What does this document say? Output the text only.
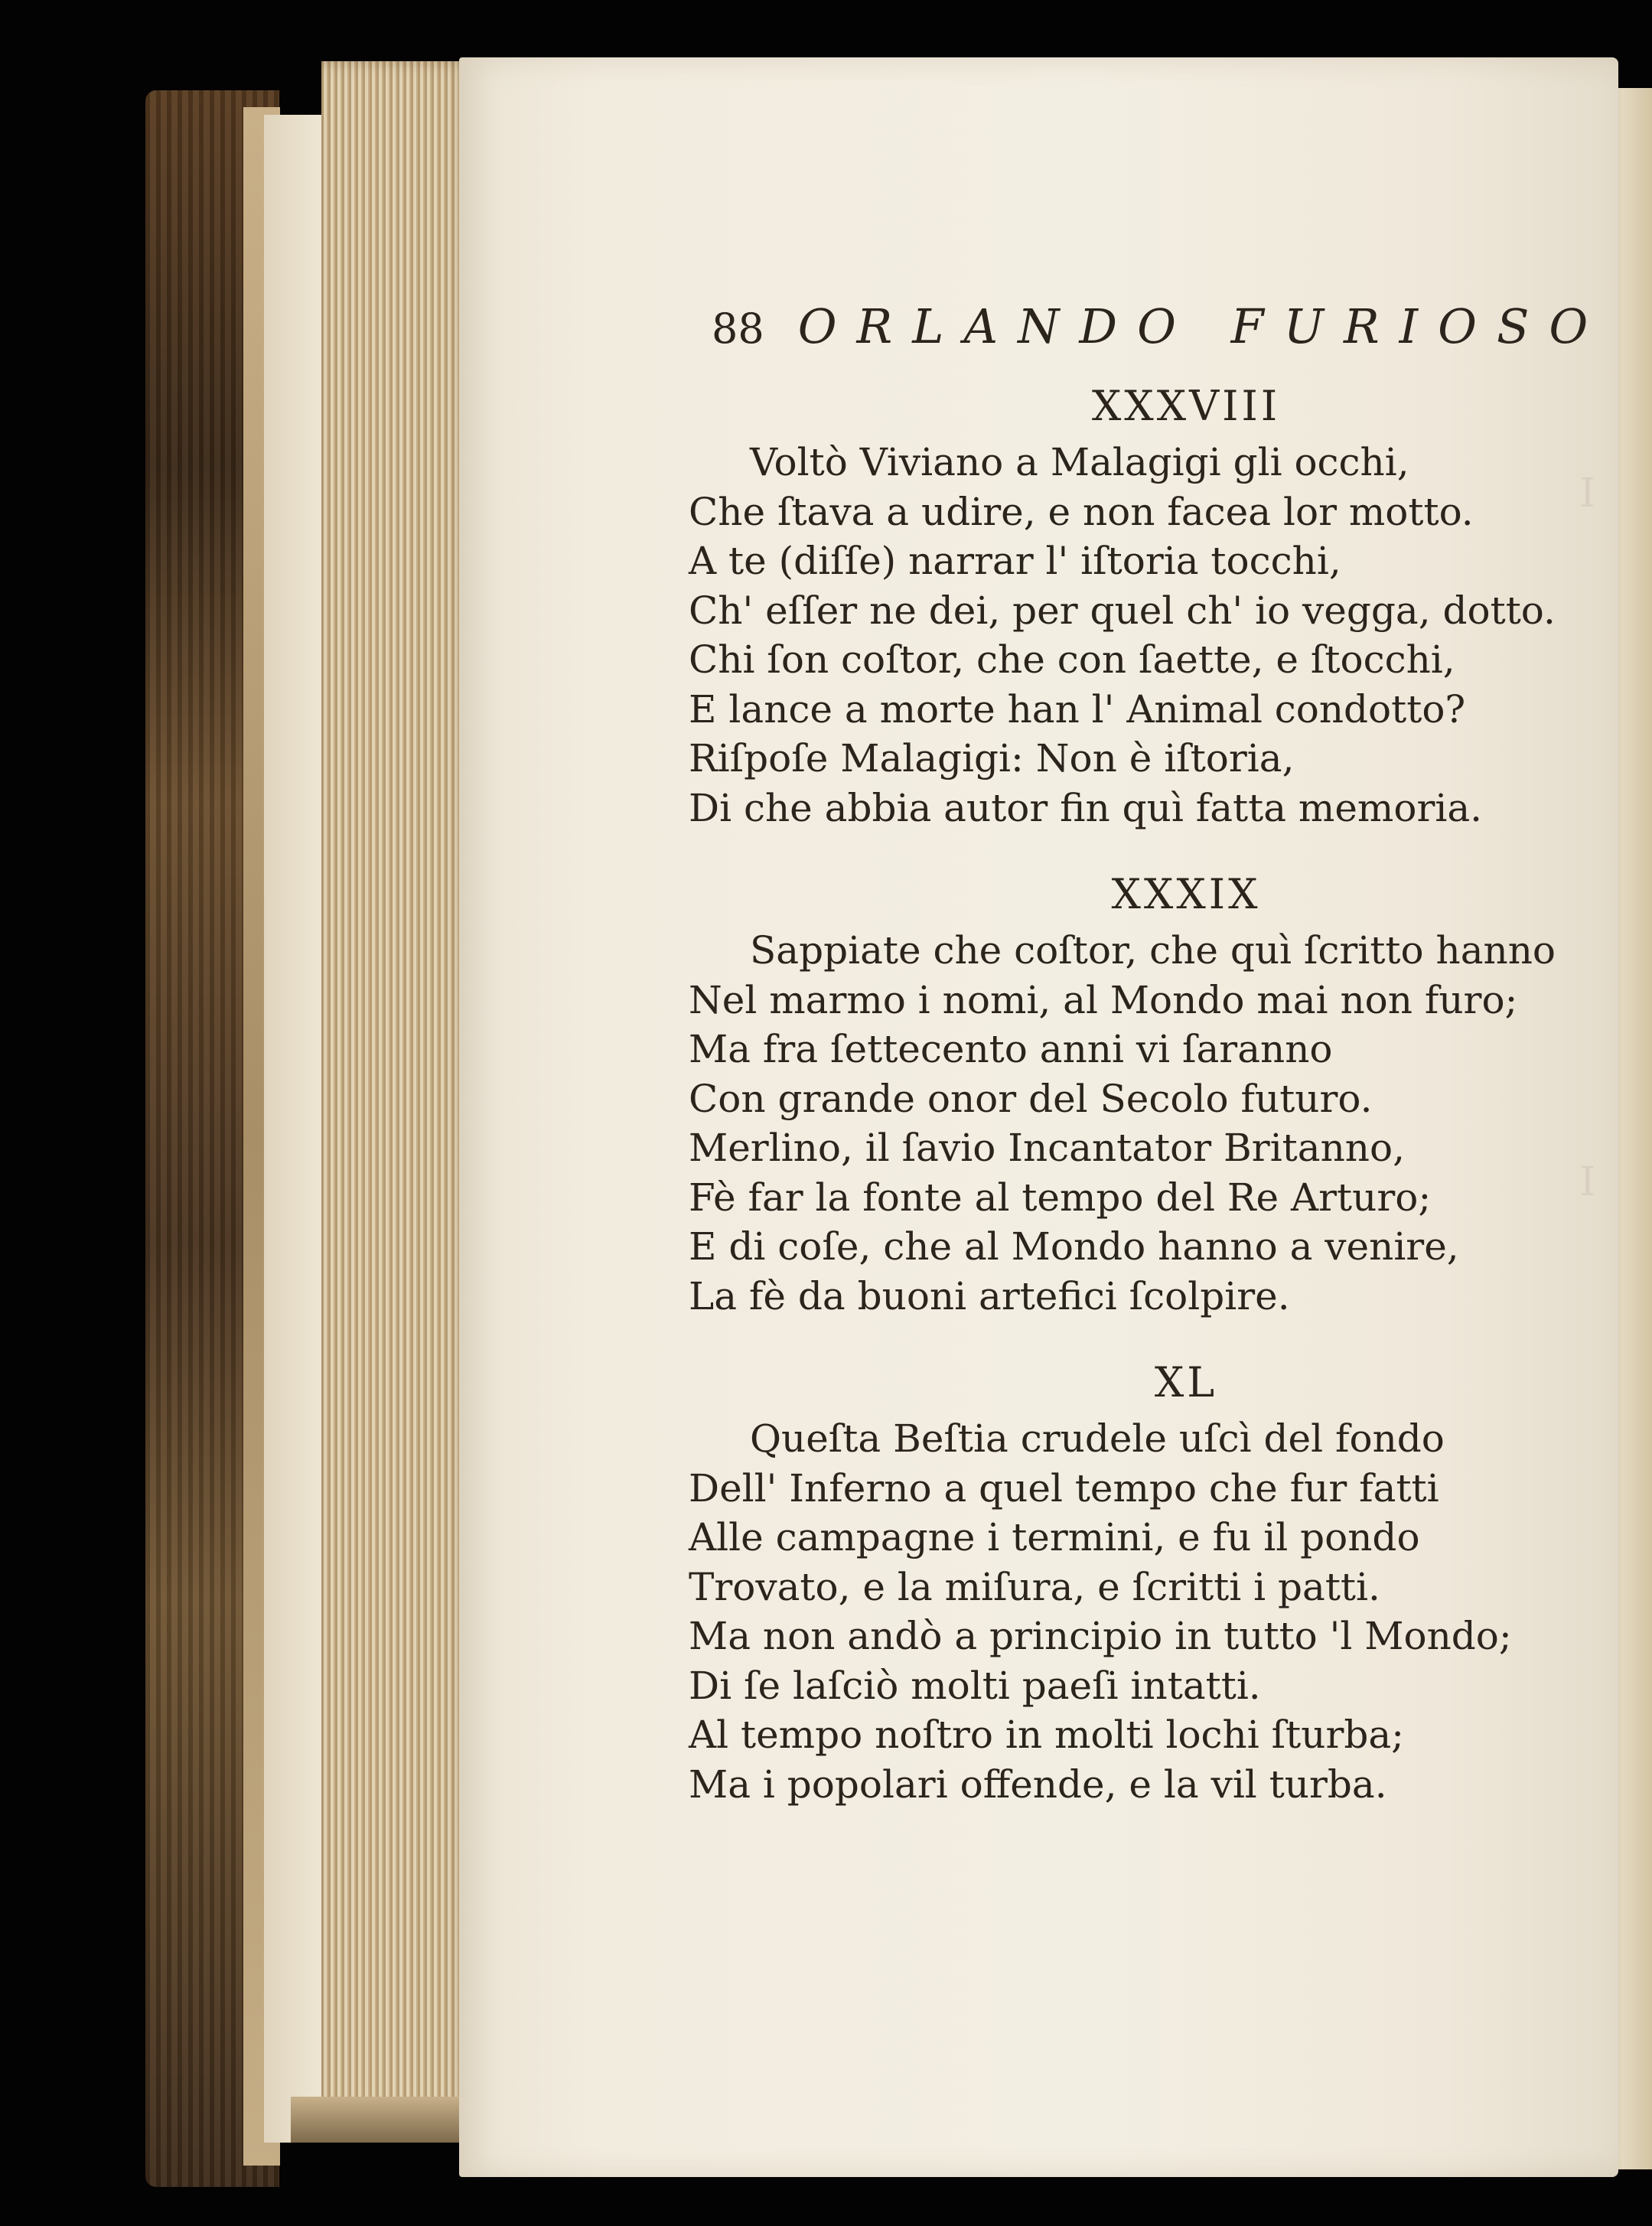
I
I
88 ORLANDO FURIOSO
XXXVIII
Voltò Viviano a Malagigi gli occhi,
Che ſtava a udire, e non facea lor motto.
A te (diſſe) narrar l' iſtoria tocchi,
Ch' eſſer ne dei, per quel ch' io vegga, dotto.
Chi ſon coſtor, che con ſaette, e ſtocchi,
E lance a morte han l' Animal condotto?
Riſpoſe Malagigi: Non è iſtoria,
Di che abbia autor fin quì fatta memoria.
XXXIX
Sappiate che coſtor, che quì ſcritto hanno
Nel marmo i nomi, al Mondo mai non furo;
Ma fra ſettecento anni vi ſaranno
Con grande onor del Secolo futuro.
Merlino, il ſavio Incantator Britanno,
Fè far la fonte al tempo del Re Arturo;
E di coſe, che al Mondo hanno a venire,
La fè da buoni artefici ſcolpire.
XL
Queſta Beſtia crudele uſcì del fondo
Dell' Inferno a quel tempo che fur fatti
Alle campagne i termini, e fu il pondo
Trovato, e la miſura, e ſcritti i patti.
Ma non andò a principio in tutto 'l Mondo;
Di ſe laſciò molti paeſi intatti.
Al tempo noſtro in molti lochi ſturba;
Ma i popolari offende, e la vil turba.
